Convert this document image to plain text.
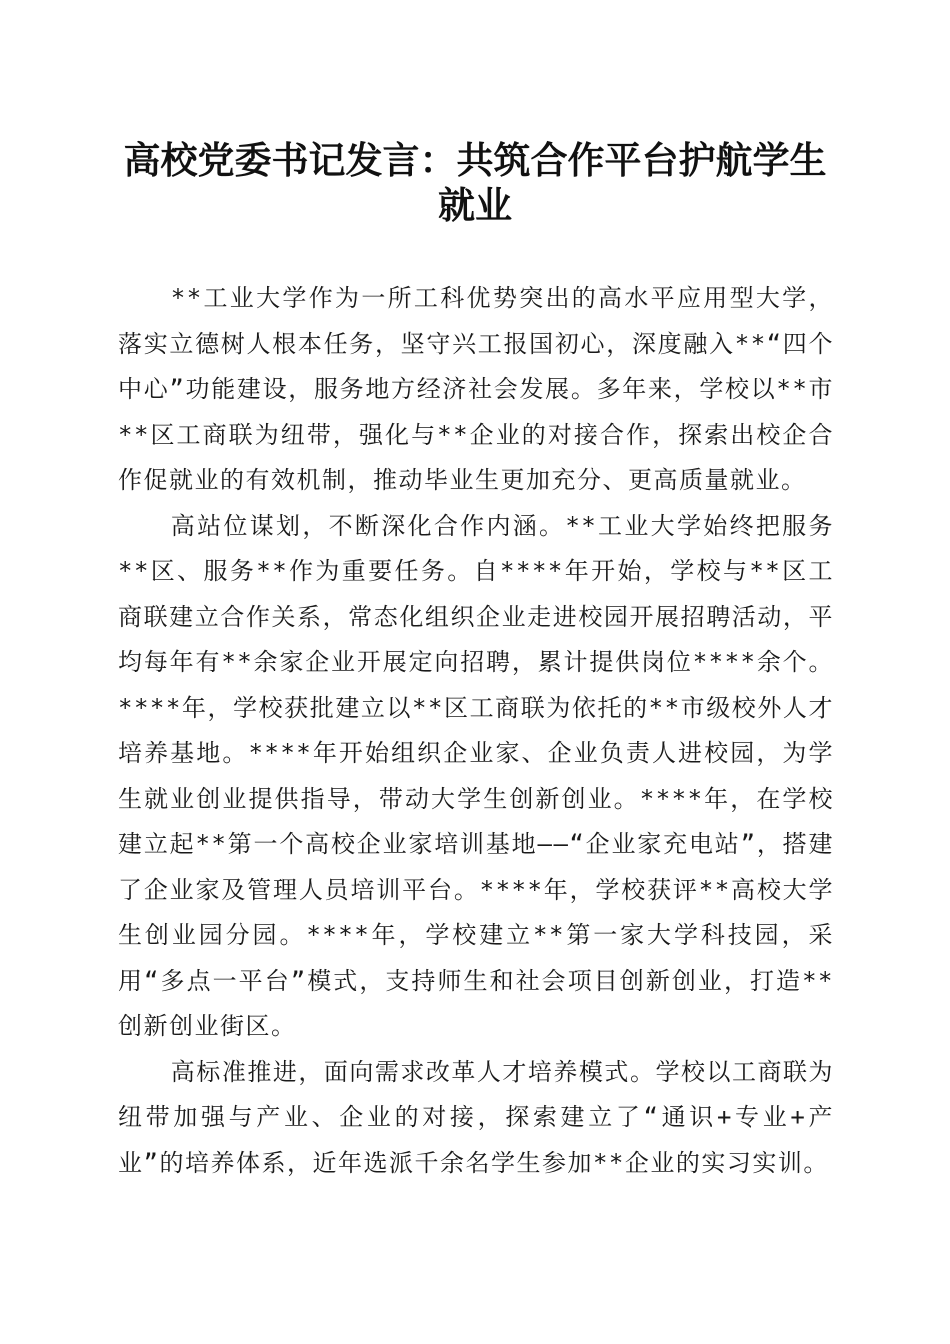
高校党委书记发言：共筑合作平台护航学生就业

**工业大学作为一所工科优势突出的高水平应用型大学，落实立德树人根本任务，坚守兴工报国初心，深度融入**“四个中心”功能建设，服务地方经济社会发展。多年来，学校以**市**区工商联为纽带，强化与**企业的对接合作，探索出校企合作促就业的有效机制，推动毕业生更加充分、更高质量就业。

高站位谋划，不断深化合作内涵。**工业大学始终把服务**区、服务**作为重要任务。自****年开始，学校与**区工商联建立合作关系，常态化组织企业走进校园开展招聘活动，平均每年有**余家企业开展定向招聘，累计提供岗位****余个。****年，学校获批建立以**区工商联为依托的**市级校外人才培养基地。****年开始组织企业家、企业负责人进校园，为学生就业创业提供指导，带动大学生创新创业。****年，在学校建立起**第一个高校企业家培训基地——“企业家充电站”，搭建了企业家及管理人员培训平台。****年，学校获评**高校大学生创业园分园。****年，学校建立**第一家大学科技园，采用“多点一平台”模式，支持师生和社会项目创新创业，打造**创新创业街区。

高标准推进，面向需求改革人才培养模式。学校以工商联为纽带加强与产业、企业的对接，探索建立了“通识+专业+产业”的培养体系，近年选派千余名学生参加**企业的实习实训。
